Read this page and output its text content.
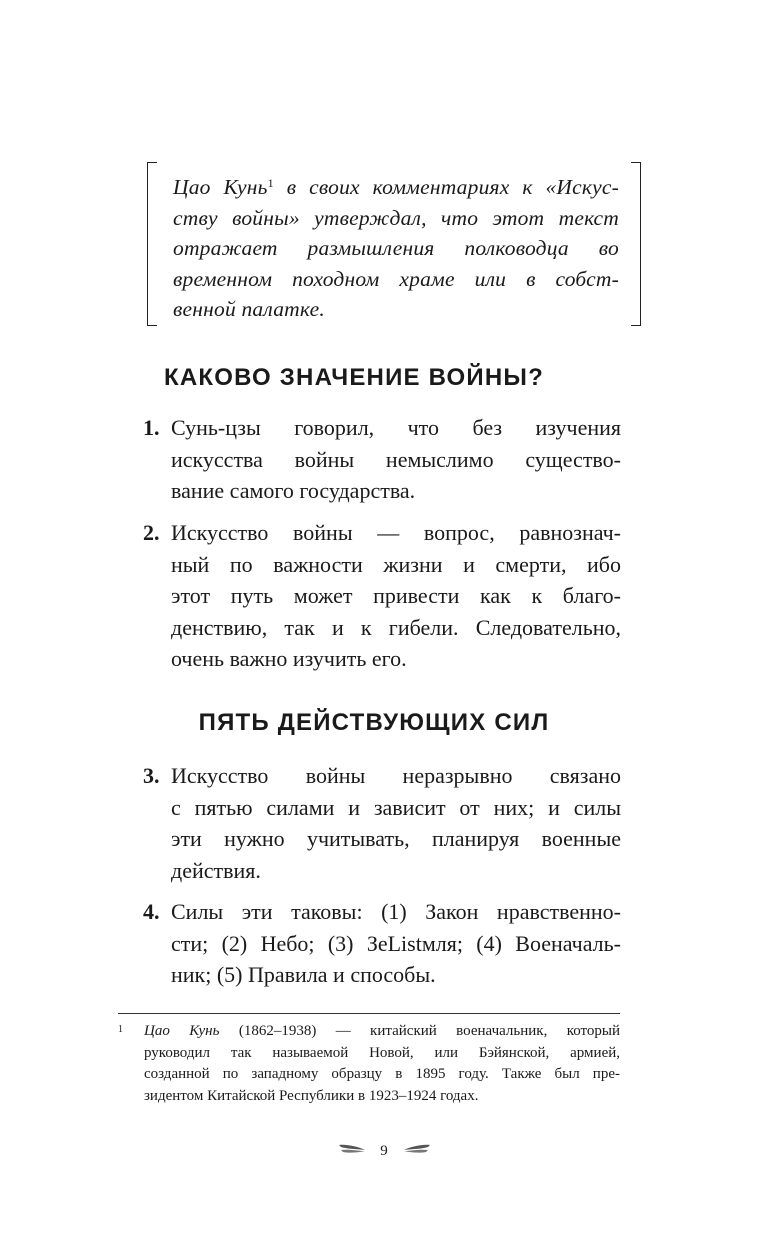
Цао Кунь$^1$ в своих комментариях к «Искус-
ству войны» утверждал, что этот текст
отражает размышления полководца во
временном походном храме или в собст-
венной палатке.
КАКОВО ЗНАЧЕНИЕ ВОЙНЫ?
1. Сунь-цзы говорил, что без изучения
искусства войны немыслимо существо-
вание самого государства.
2. Искусство войны — вопрос, равнознач-
ный по важности жизни и смерти, ибо
этот путь может привести как к благо-
денствию, так и к гибели. Следовательно,
очень важно изучить его.
ПЯТЬ ДЕЙСТВУЮЩИХ СИЛ
3. Искусство войны неразрывно связано
с пятью силами и зависит от них; и силы
эти нужно учитывать, планируя военные
действия.
4. Силы эти таковы: (1) Закон нравственно-
сти; (2) Небо; (3) ЗеListмля; (4) Военачаль-
ник; (5) Правила и способы.
1 Цао Кунь (1862–1938) — китайский военачальник, который
руководил так называемой Новой, или Бэйянской, армией,
созданной по западному образцу в 1895 году. Также был пре-
зидентом Китайской Республики в 1923–1924 годах.
9
